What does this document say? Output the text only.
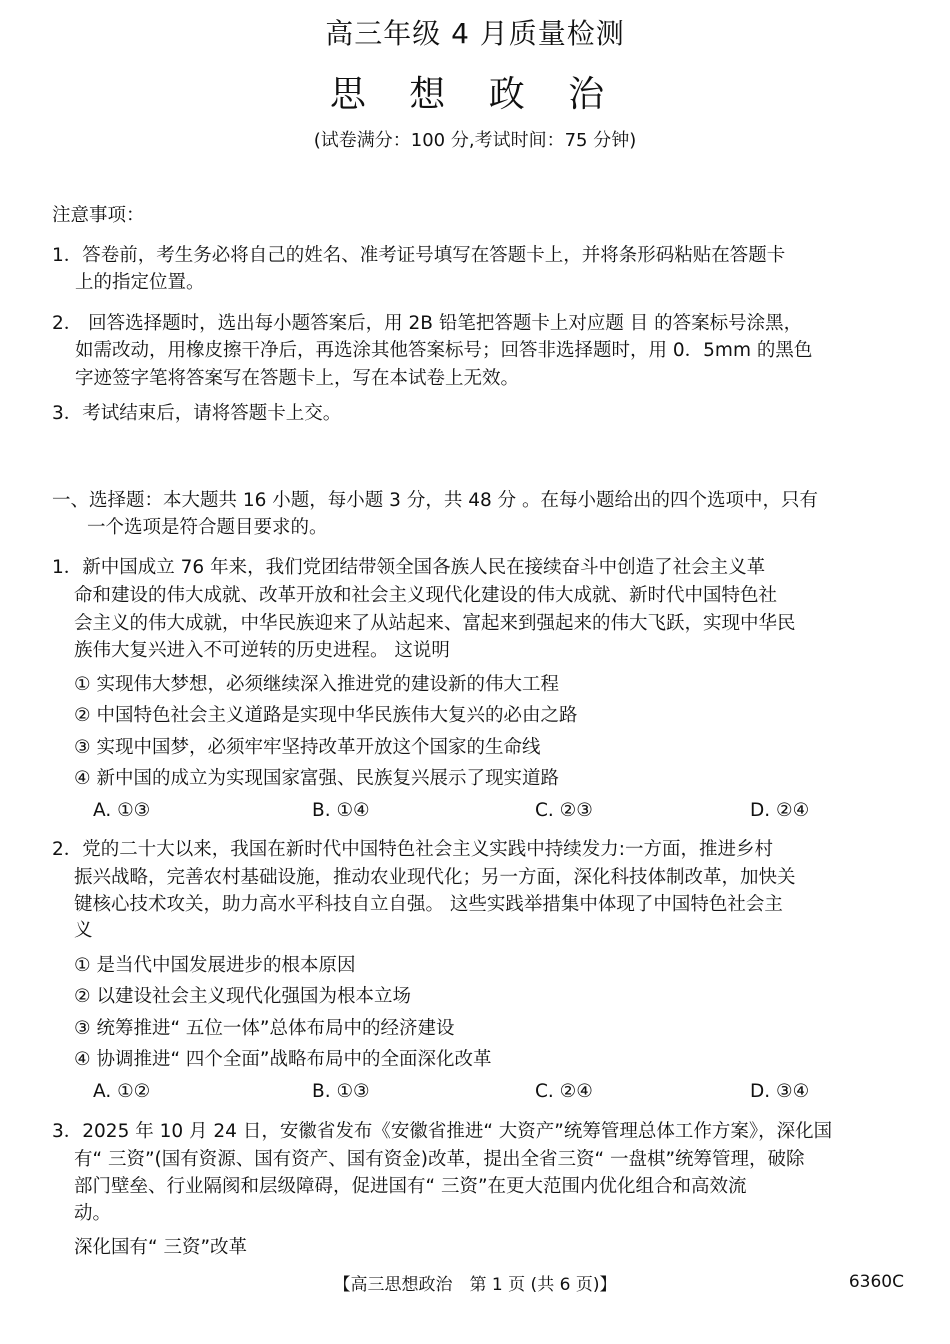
高三年级 4 月质量检测
思 想 政 治
(试卷满分：100 分,考试时间：75 分钟)
注意事项：
1．答卷前，考生务必将自己的姓名、准考证号填写在答题卡上，并将条形码粘贴在答题卡
上的指定位置。
2． 回答选择题时，选出每小题答案后，用 2B 铅笔把答题卡上对应题 目 的答案标号涂黑，
如需改动，用橡皮擦干净后，再选涂其他答案标号；回答非选择题时，用 0．5mm 的黑色
字迹签字笔将答案写在答题卡上，写在本试卷上无效。
3．考试结束后，请将答题卡上交。
一、选择题：本大题共 16 小题，每小题 3 分，共 48 分 。在每小题给出的四个选项中，只有
一个选项是符合题目要求的。
1．新中国成立 76 年来，我们党团结带领全国各族人民在接续奋斗中创造了社会主义革
命和建设的伟大成就、改革开放和社会主义现代化建设的伟大成就、新时代中国特色社
会主义的伟大成就，中华民族迎来了从站起来、富起来到强起来的伟大飞跃，实现中华民
族伟大复兴进入不可逆转的历史进程。 这说明
① 实现伟大梦想，必须继续深入推进党的建设新的伟大工程
② 中国特色社会主义道路是实现中华民族伟大复兴的必由之路
③ 实现中国梦，必须牢牢坚持改革开放这个国家的生命线
④ 新中国的成立为实现国家富强、民族复兴展示了现实道路
A. ①③	B. ①④	C. ②③	D. ②④
2．党的二十大以来，我国在新时代中国特色社会主义实践中持续发力:一方面，推进乡村
振兴战略，完善农村基础设施，推动农业现代化；另一方面，深化科技体制改革，加快关
键核心技术攻关，助力高水平科技自立自强。 这些实践举措集中体现了中国特色社会主
义
① 是当代中国发展进步的根本原因
② 以建设社会主义现代化强国为根本立场
③ 统筹推进“ 五位一体”总体布局中的经济建设
④ 协调推进“ 四个全面”战略布局中的全面深化改革
A. ①②	B. ①③	C. ②④	D. ③④
3．2025 年 10 月 24 日，安徽省发布《安徽省推进“ 大资产”统筹管理总体工作方案》，深化国
有“ 三资”(国有资源、国有资产、国有资金)改革，提出全省三资“ 一盘棋”统筹管理，破除
部门壁垒、行业隔阂和层级障碍，促进国有“ 三资”在更大范围内优化组合和高效流
动。
深化国有“ 三资”改革
【高三思想政治　第 1 页 (共 6 页)】	6360C
